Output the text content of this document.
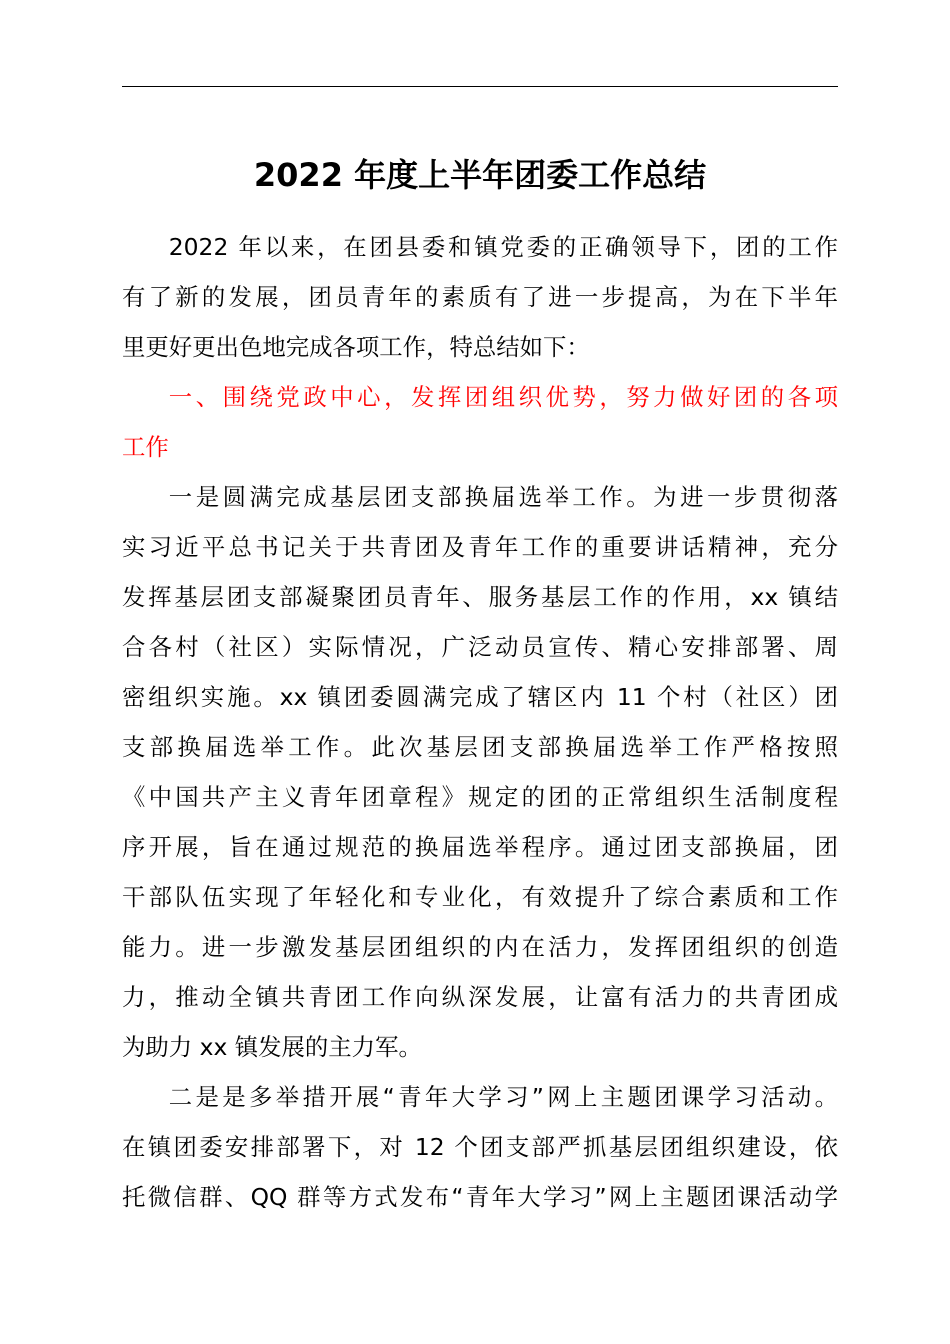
2022 年度上半年团委工作总结
2022 年以来，在团县委和镇党委的正确领导下，团的工作
有了新的发展，团员青年的素质有了进一步提高，为在下半年
里更好更出色地完成各项工作，特总结如下：
一、围绕党政中心，发挥团组织优势，努力做好团的各项
工作
一是圆满完成基层团支部换届选举工作。为进一步贯彻落
实习近平总书记关于共青团及青年工作的重要讲话精神，充分
发挥基层团支部凝聚团员青年、服务基层工作的作用，xx 镇结
合各村（社区）实际情况，广泛动员宣传、精心安排部署、周
密组织实施。xx 镇团委圆满完成了辖区内 11 个村（社区）团
支部换届选举工作。此次基层团支部换届选举工作严格按照
《中国共产主义青年团章程》规定的团的正常组织生活制度程
序开展，旨在通过规范的换届选举程序。通过团支部换届，团
干部队伍实现了年轻化和专业化，有效提升了综合素质和工作
能力。进一步激发基层团组织的内在活力，发挥团组织的创造
力，推动全镇共青团工作向纵深发展，让富有活力的共青团成
为助力 xx 镇发展的主力军。
二是是多举措开展“青年大学习”网上主题团课学习活动。
在镇团委安排部署下，对 12 个团支部严抓基层团组织建设，依
托微信群、QQ 群等方式发布“青年大学习”网上主题团课活动学
